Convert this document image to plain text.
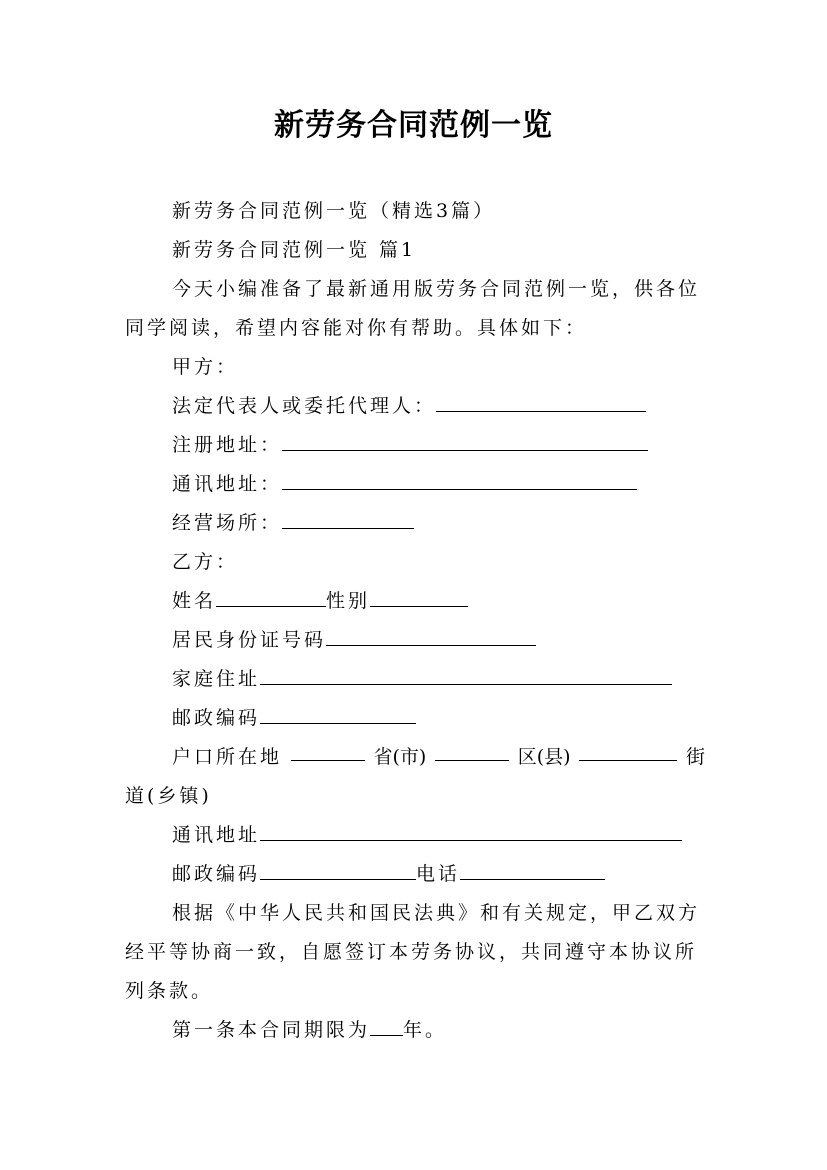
新劳务合同范例一览
新劳务合同范例一览（精选3篇）
新劳务合同范例一览 篇1
今天小编准备了最新通用版劳务合同范例一览，供各位
同学阅读，希望内容能对你有帮助。具体如下：
甲方：
法定代表人或委托代理人：
注册地址：
通讯地址：
经营场所：
乙方：
姓名	性别
居民身份证号码
家庭住址
邮政编码
户口所在地	省(市)	区(县)	街
道(乡镇)
通讯地址
邮政编码	电话
根据《中华人民共和国民法典》和有关规定，甲乙双方
经平等协商一致，自愿签订本劳务协议，共同遵守本协议所
列条款。
第一条本合同期限为 年。
